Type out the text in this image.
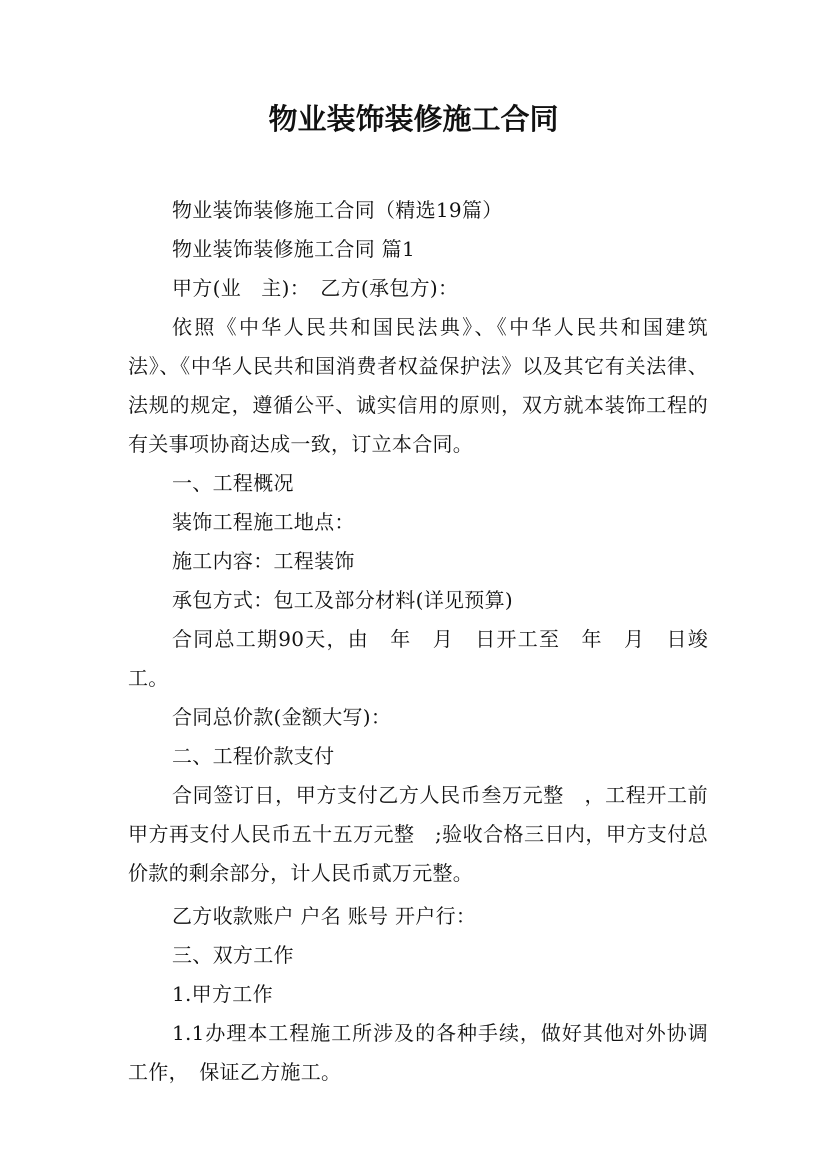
物业装饰装修施工合同

物业装饰装修施工合同（精选19篇）

物业装饰装修施工合同 篇1

甲方(业　主)：　乙方(承包方)：

依照《中华人民共和国民法典》、《中华人民共和国建筑法》、《中华人民共和国消费者权益保护法》以及其它有关法律、法规的规定，遵循公平、诚实信用的原则，双方就本装饰工程的有关事项协商达成一致，订立本合同。

一、工程概况

装饰工程施工地点：

施工内容：工程装饰

承包方式：包工及部分材料(详见预算)

合同总工期90天，由　年　月　日开工至　年　月　日竣工。

合同总价款(金额大写)：

二、工程价款支付

合同签订日，甲方支付乙方人民币叁万元整　，工程开工前甲方再支付人民币五十五万元整　;验收合格三日内，甲方支付总价款的剩余部分，计人民币贰万元整。

乙方收款账户 户名 账号 开户行：

三、双方工作

1.甲方工作

1.1办理本工程施工所涉及的各种手续，做好其他对外协调工作，　保证乙方施工。
